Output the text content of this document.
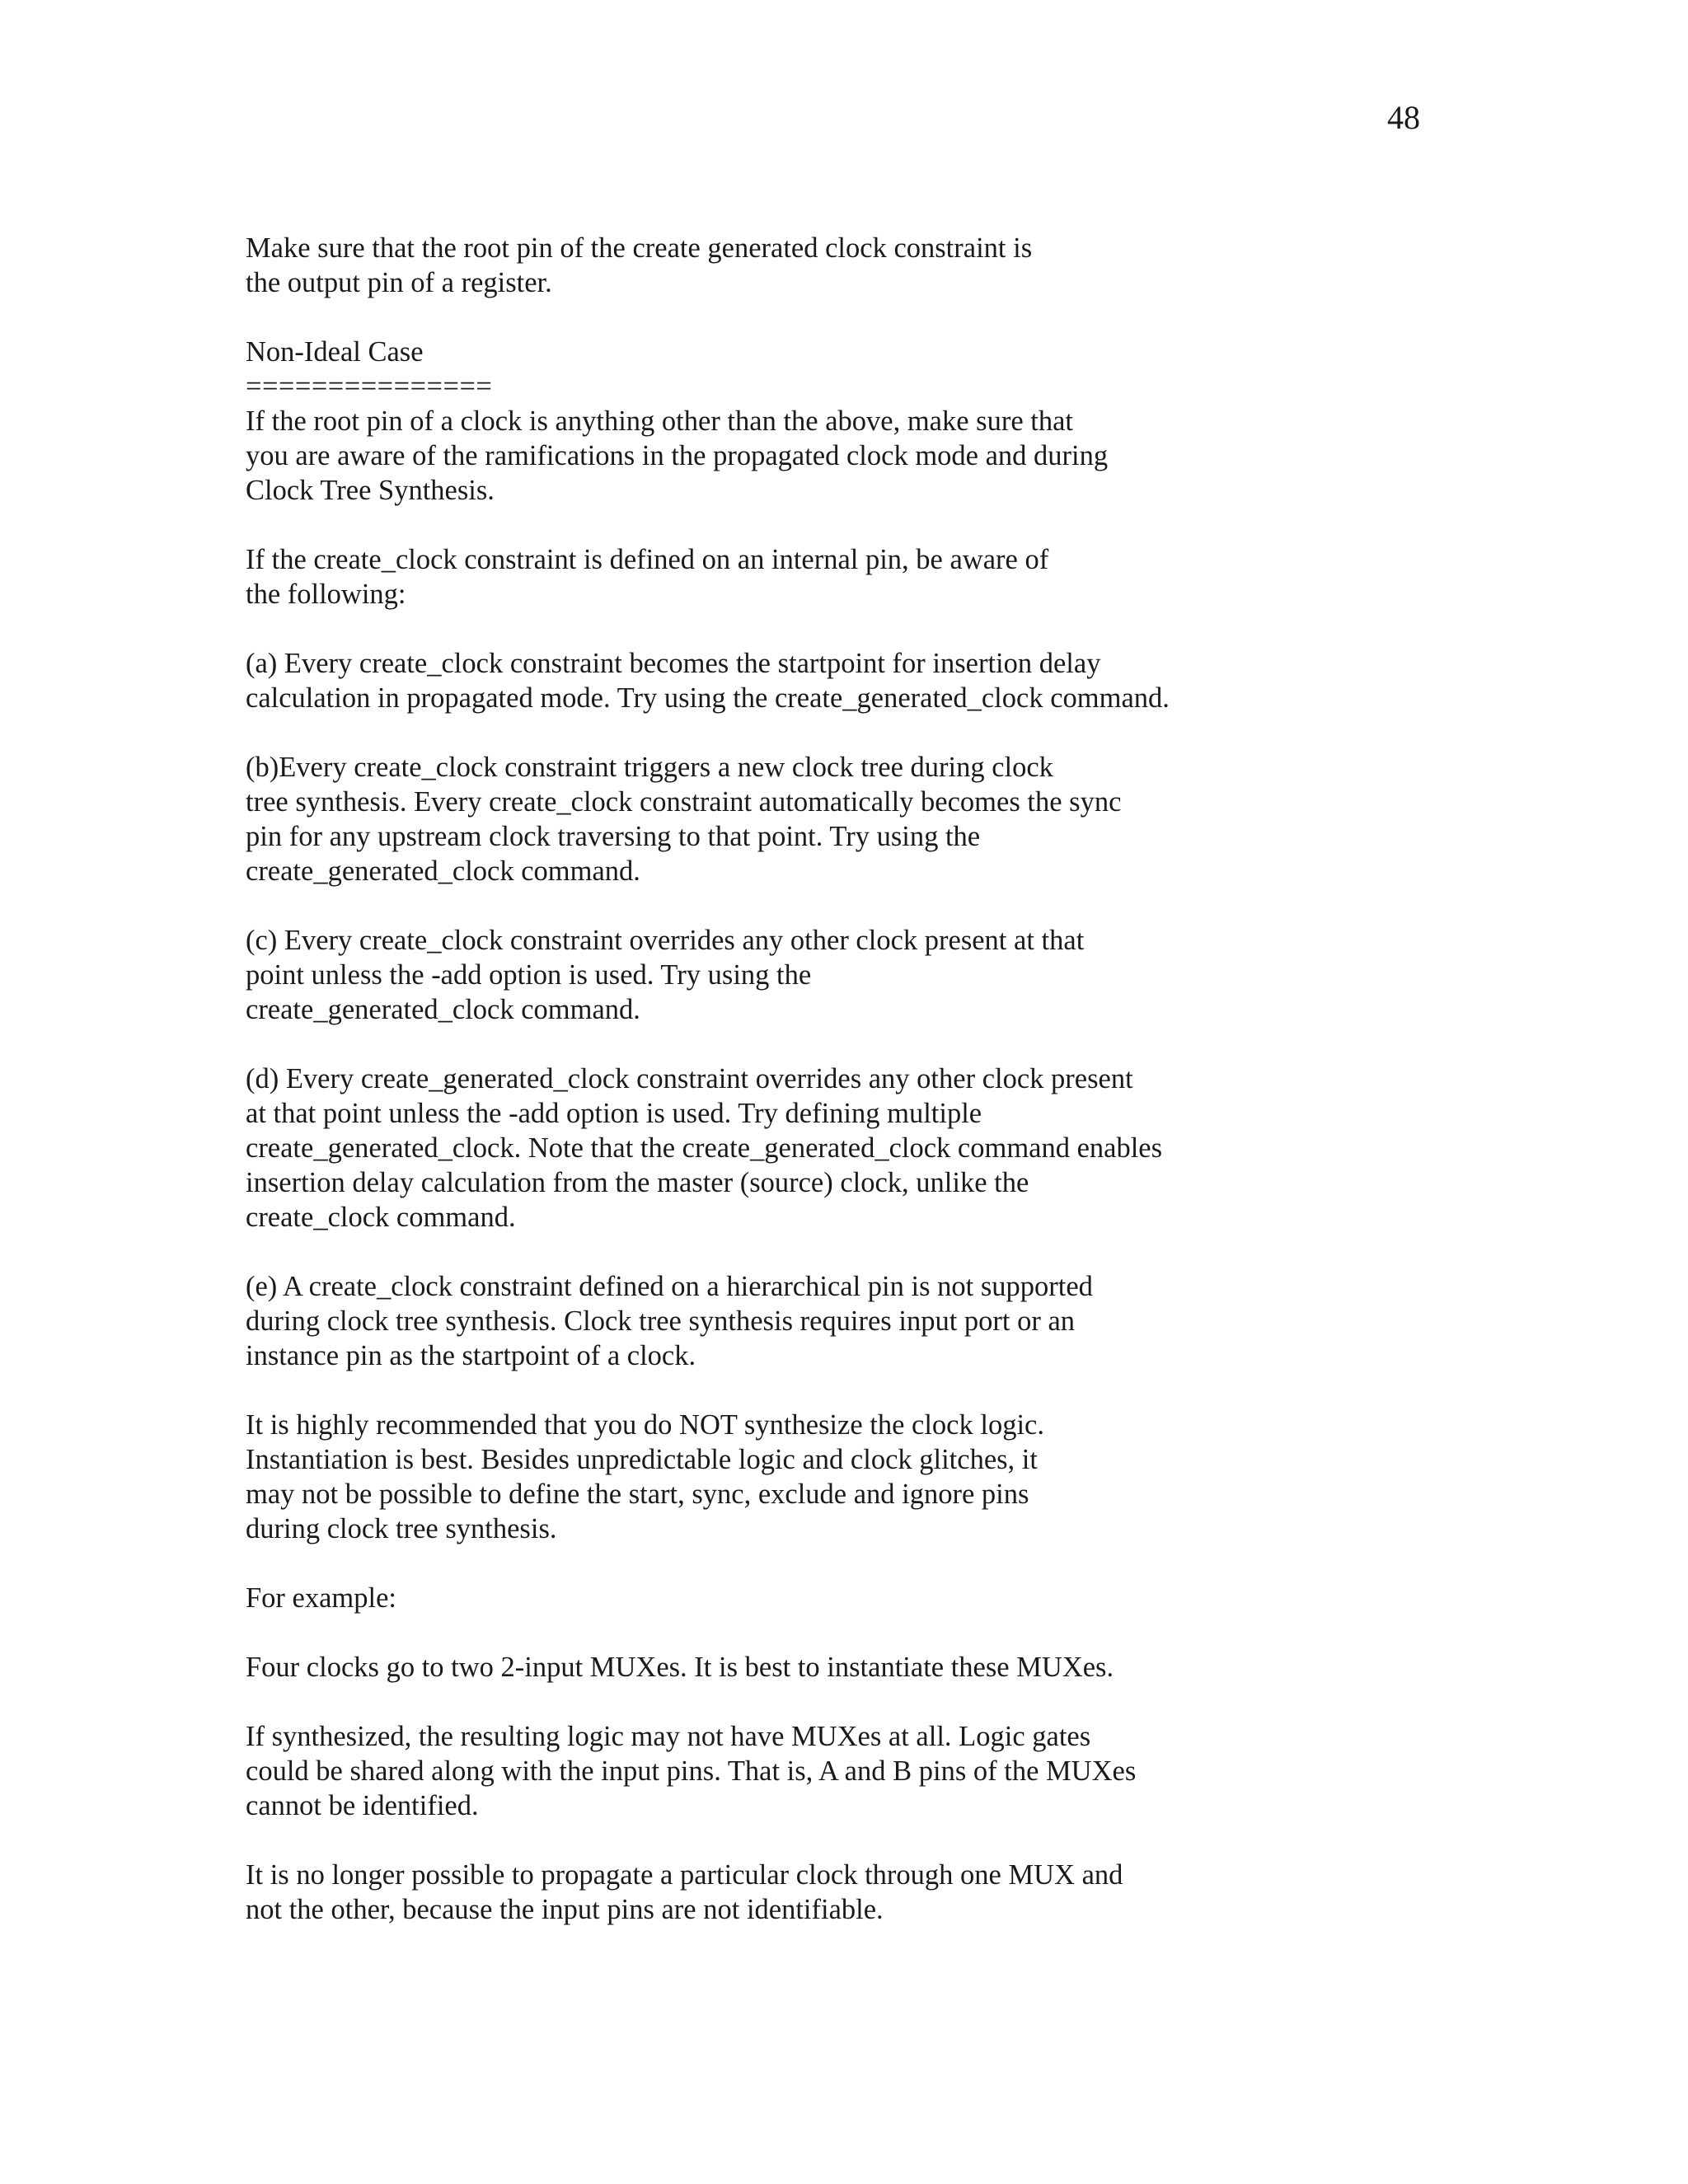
48
Make sure that the root pin of the create generated clock constraint is
the output pin of a register.
Non-Ideal Case
===============
If the root pin of a clock is anything other than the above, make sure that
you are aware of the ramifications in the propagated clock mode and during
Clock Tree Synthesis.
If the create_clock constraint is defined on an internal pin, be aware of
the following:
(a) Every create_clock constraint becomes the startpoint for insertion delay
calculation in propagated mode. Try using the create_generated_clock command.
(b)Every create_clock constraint triggers a new clock tree during clock
tree synthesis. Every create_clock constraint automatically becomes the sync
pin for any upstream clock traversing to that point. Try using the
create_generated_clock command.
(c) Every create_clock constraint overrides any other clock present at that
point unless the -add option is used. Try using the
create_generated_clock command.
(d) Every create_generated_clock constraint overrides any other clock present
at that point unless the -add option is used. Try defining multiple
create_generated_clock. Note that the create_generated_clock command enables
insertion delay calculation from the master (source) clock, unlike the
create_clock command.
(e) A create_clock constraint defined on a hierarchical pin is not supported
during clock tree synthesis. Clock tree synthesis requires input port or an
instance pin as the startpoint of a clock.
It is highly recommended that you do NOT synthesize the clock logic.
Instantiation is best. Besides unpredictable logic and clock glitches, it
may not be possible to define the start, sync, exclude and ignore pins
during clock tree synthesis.
For example:
Four clocks go to two 2-input MUXes. It is best to instantiate these MUXes.
If synthesized, the resulting logic may not have MUXes at all. Logic gates
could be shared along with the input pins. That is, A and B pins of the MUXes
cannot be identified.
It is no longer possible to propagate a particular clock through one MUX and
not the other, because the input pins are not identifiable.
